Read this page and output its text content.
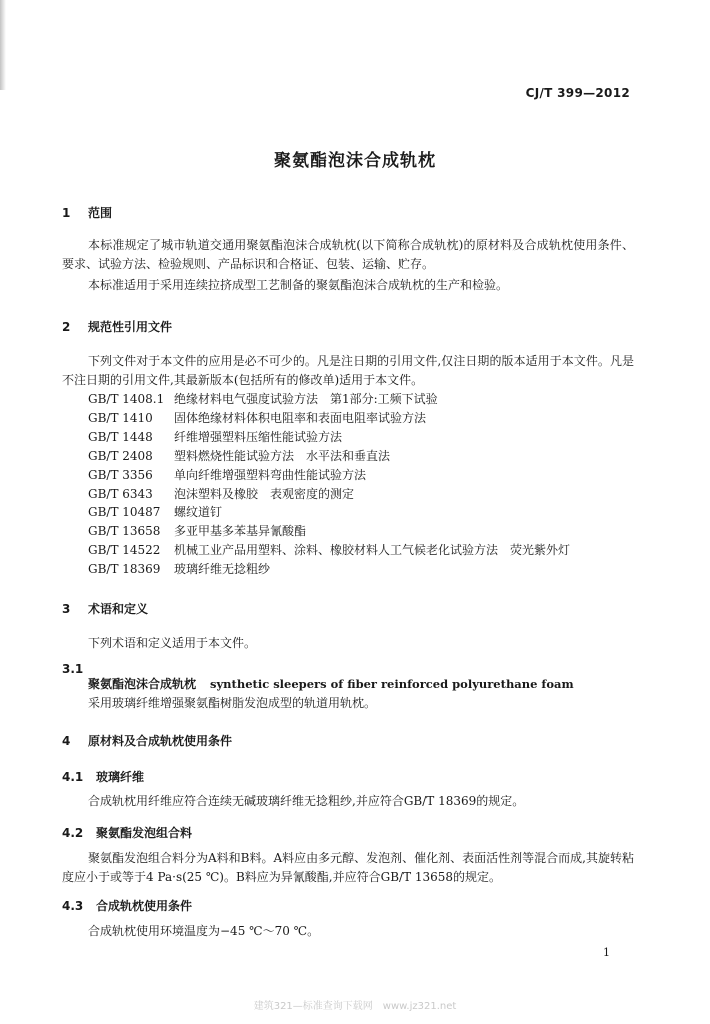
CJ/T 399—2012
聚氨酯泡沫合成轨枕
1 范围
本标准规定了城市轨道交通用聚氨酯泡沫合成轨枕(以下简称合成轨枕)的原材料及合成轨枕使用条件、要求、试验方法、检验规则、产品标识和合格证、包装、运输、贮存。
本标准适用于采用连续拉挤成型工艺制备的聚氨酯泡沫合成轨枕的生产和检验。
2 规范性引用文件
下列文件对于本文件的应用是必不可少的。凡是注日期的引用文件,仅注日期的版本适用于本文件。凡是不注日期的引用文件,其最新版本(包括所有的修改单)适用于本文件。
GB/T 1408.1 绝缘材料电气强度试验方法　第1部分:工频下试验
GB/T 1410 固体绝缘材料体积电阻率和表面电阻率试验方法
GB/T 1448 纤维增强塑料压缩性能试验方法
GB/T 2408 塑料燃烧性能试验方法　水平法和垂直法
GB/T 3356 单向纤维增强塑料弯曲性能试验方法
GB/T 6343 泡沫塑料及橡胶　表观密度的测定
GB/T 10487 螺纹道钉
GB/T 13658 多亚甲基多苯基异氰酸酯
GB/T 14522 机械工业产品用塑料、涂料、橡胶材料人工气候老化试验方法　荧光紫外灯
GB/T 18369 玻璃纤维无捻粗纱
3 术语和定义
下列术语和定义适用于本文件。
3.1
聚氨酯泡沫合成轨枕 synthetic sleepers of fiber reinforced polyurethane foam
采用玻璃纤维增强聚氨酯树脂发泡成型的轨道用轨枕。
4 原材料及合成轨枕使用条件
4.1 玻璃纤维
合成轨枕用纤维应符合连续无碱玻璃纤维无捻粗纱,并应符合GB/T 18369的规定。
4.2 聚氨酯发泡组合料
聚氨酯发泡组合料分为A料和B料。A料应由多元醇、发泡剂、催化剂、表面活性剂等混合而成,其旋转粘度应小于或等于4 Pa·s(25 ℃)。B料应为异氰酸酯,并应符合GB/T 13658的规定。
4.3 合成轨枕使用条件
合成轨枕使用环境温度为−45 ℃～70 ℃。
1
建筑321—标准查询下载网　www.jz321.net
